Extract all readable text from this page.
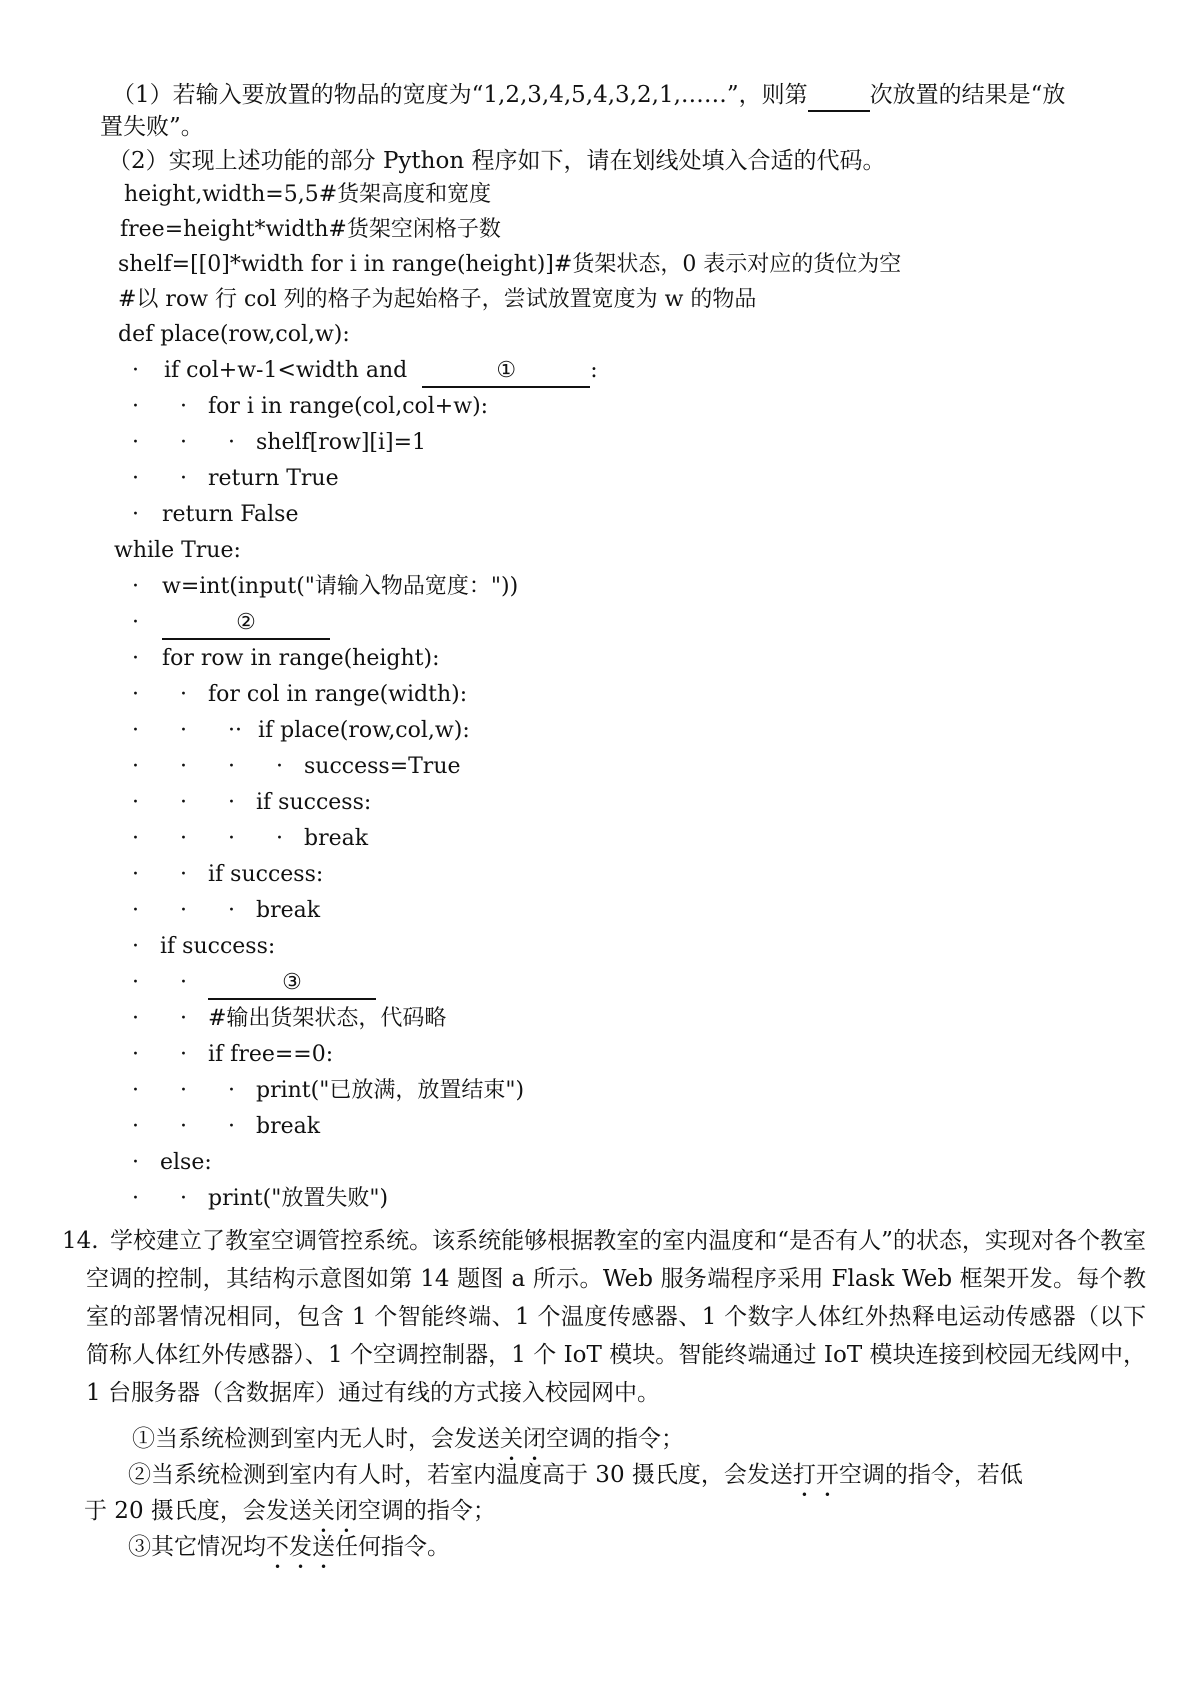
（1）若输入要放置的物品的宽度为“1,2,3,4,5,4,3,2,1,……”，则第	次放置的结果是“放
置失败”。
（2）实现上述功能的部分 Python 程序如下，请在划线处填入合适的代码。
height,width=5,5#货架高度和宽度
free=height*width#货架空闲格子数
shelf=[[0]*width for i in range(height)]#货架状态，0 表示对应的货位为空
#以 row 行 col 列的格子为起始格子，尝试放置宽度为 w 的物品
def place(row,col,w):
· if col+w-1<width and	①	:
· · for i in range(col,col+w):
· · · shelf[row][i]=1
· · return True
· return False
while True:
· w=int(input("请输入物品宽度："))
·	②
· for row in range(height):
· · for col in range(width):
· · ·· if place(row,col,w):
· · · · success=True
· · · if success:
· · · · break
· · if success:
· · · break
· if success:
· ·	③
· · #输出货架状态，代码略
· · if free==0:
· · · print("已放满，放置结束")
· · · break
· else:
· · print("放置失败")
14. 学校建立了教室空调管控系统。该系统能够根据教室的室内温度和“是否有人”的状态，实现对各个教室空调的控制，其结构示意图如第 14 题图 a 所示。Web 服务端程序采用 Flask Web 框架开发。每个教室的部署情况相同，包含 1 个智能终端、1 个温度传感器、1 个数字人体红外热释电运动传感器（以下简称人体红外传感器）、1 个空调控制器，1 个 IoT 模块。智能终端通过 IoT 模块连接到校园无线网中，1 台服务器（含数据库）通过有线的方式接入校园网中。
①当系统检测到室内无人时，会发送关闭空调的指令；
②当系统检测到室内有人时，若室内温度高于 30 摄氏度，会发送打开空调的指令，若低
于 20 摄氏度，会发送关闭空调的指令；
③其它情况均不发送任何指令。
